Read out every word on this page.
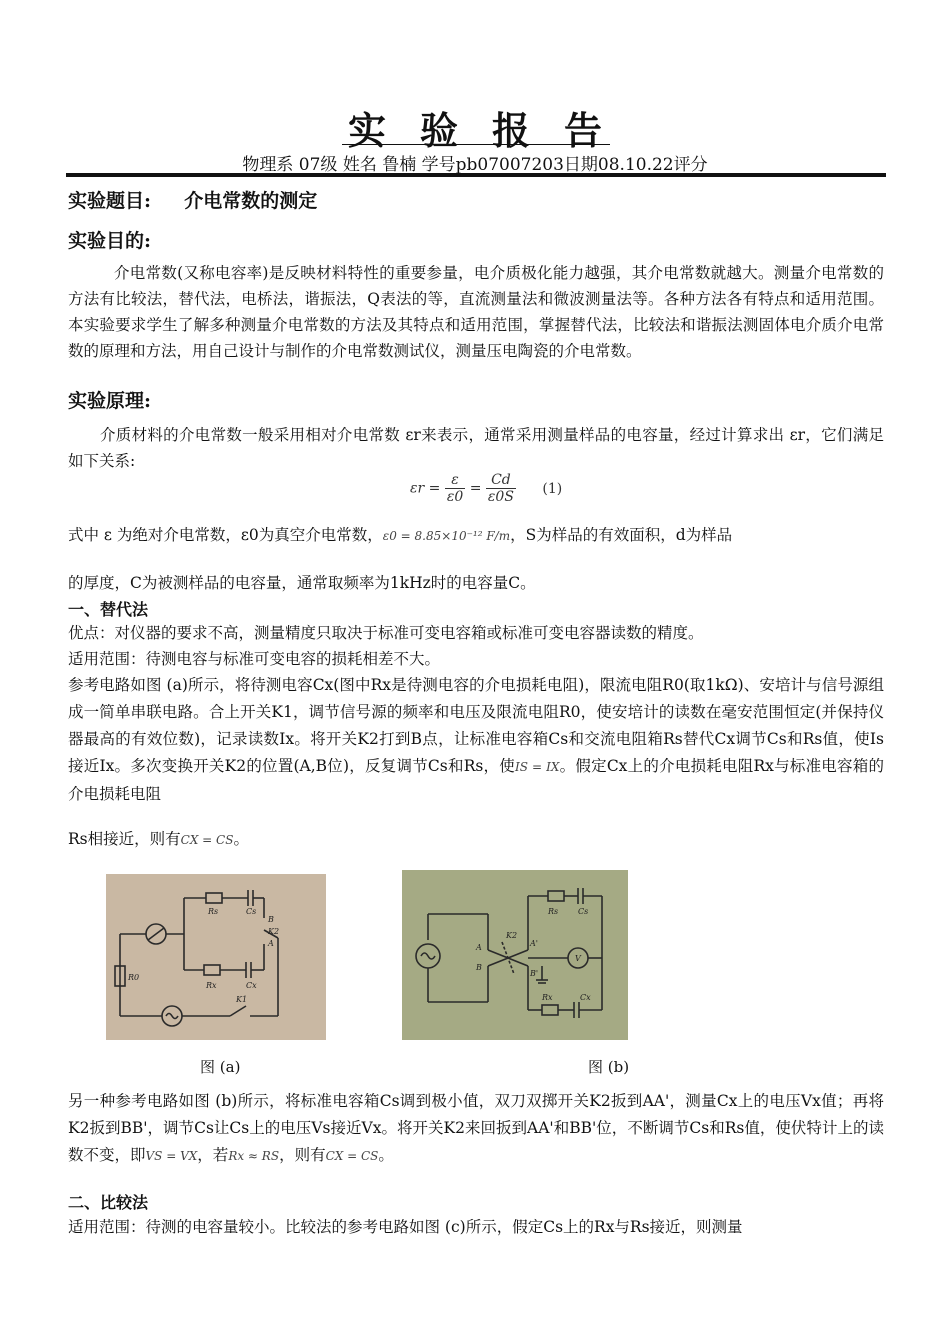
实验报告
物理系 07级 姓名 鲁楠 学号pb07007203日期08.10.22评分
实验题目: 介电常数的测定
实验目的:
介电常数(又称电容率)是反映材料特性的重要参量，电介质极化能力越强，其介电常数就越大。测量介电常数的方法有比较法，替代法，电桥法，谐振法，Q表法的等，直流测量法和微波测量法等。各种方法各有特点和适用范围。本实验要求学生了解多种测量介电常数的方法及其特点和适用范围，掌握替代法，比较法和谐振法测固体电介质介电常数的原理和方法，用自己设计与制作的介电常数测试仪，测量压电陶瓷的介电常数。
实验原理:
介质材料的介电常数一般采用相对介电常数 εr来表示，通常采用测量样品的电容量，经过计算求出 εr，它们满足如下关系:
$\varepsilon r = \frac{\varepsilon}{\varepsilon 0} = \frac{Cd}{\varepsilon 0S} (1)$
式中 ε 为绝对介电常数，ε0为真空介电常数，ε0 = 8.85×10⁻¹² F/m，S为样品的有效面积，d为样品
的厚度，C为被测样品的电容量，通常取频率为1kHz时的电容量C。
一、替代法
优点：对仪器的要求不高，测量精度只取决于标准可变电容箱或标准可变电容器读数的精度。
适用范围：待测电容与标准可变电容的损耗相差不大。
参考电路如图 (a)所示，将待测电容Cx(图中Rx是待测电容的介电损耗电阻)，限流电阻R0(取1kΩ)、安培计与信号源组成一简单串联电路。合上开关K1，调节信号源的频率和电压及限流电阻R0，使安培计的读数在毫安范围恒定(并保持仪器最高的有效位数)，记录读数Ix。将开关K2打到B点，让标准电容箱Cs和交流电阻箱Rs替代Cx调节Cs和Rs值，使Is接近Ix。多次变换开关K2的位置(A,B位)，反复调节Cs和Rs，使IS = IX。假定Cx上的介电损耗电阻Rx与标准电容箱的介电损耗电阻
Rs相接近，则有CX = CS。
Rs	Cs
B
K2
A
Rx	Cx
R0
K1
图 (a)
Rs Cs
A
B
K2
A'
B'
V
Rx	Cx
图 (b)
另一种参考电路如图 (b)所示，将标准电容箱Cs调到极小值，双刀双掷开关K2扳到AA'，测量Cx上的电压Vx值；再将K2扳到BB'，调节Cs让Cs上的电压Vs接近Vx。将开关K2来回扳到AA'和BB'位，不断调节Cs和Rs值，使伏特计上的读数不变，即VS = VX，若Rx ≈ RS，则有CX = CS。
二、比较法
适用范围：待测的电容量较小。比较法的参考电路如图 (c)所示，假定Cs上的Rx与Rs接近，则测量
